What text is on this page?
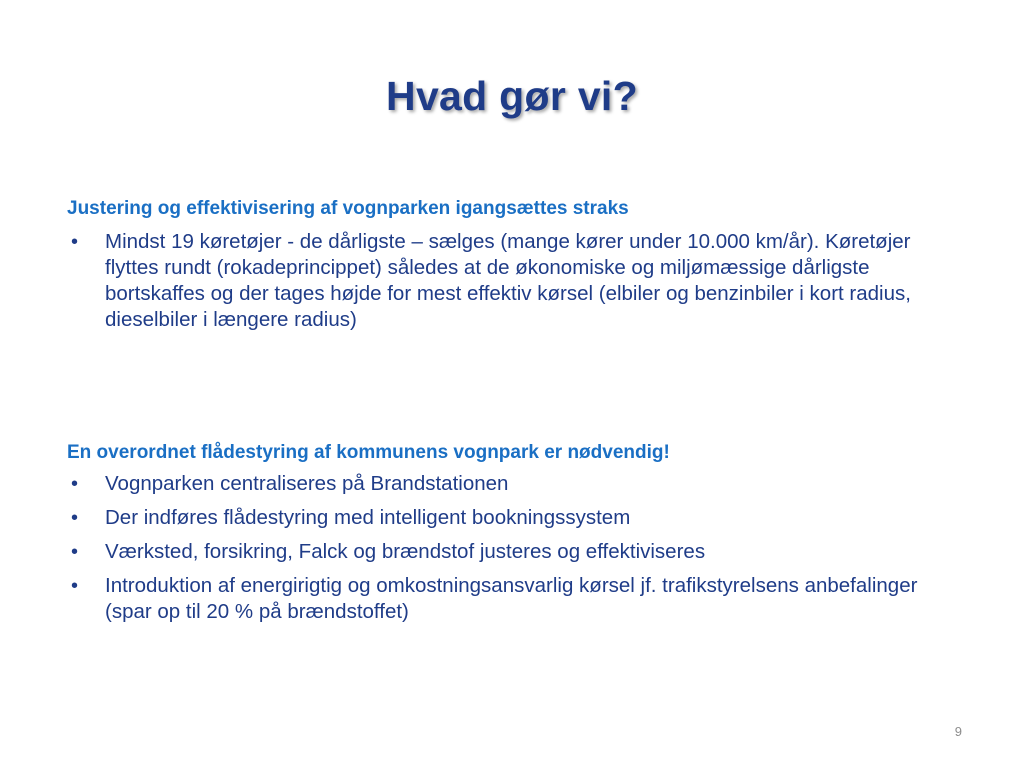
Hvad gør vi?
Justering og effektivisering af vognparken igangsættes straks
• Mindst 19 køretøjer - de dårligste – sælges (mange kører under 10.000 km/år). Køretøjer flyttes rundt (rokadeprincippet) således at de økonomiske og miljømæssige dårligste bortskaffes og der tages højde for mest effektiv kørsel (elbiler og benzinbiler i kort radius, dieselbiler i længere radius)
En overordnet flådestyring af kommunens vognpark er nødvendig!
• Vognparken centraliseres på Brandstationen
• Der indføres flådestyring med intelligent bookningssystem
• Værksted, forsikring, Falck og brændstof justeres og effektiviseres
• Introduktion af energirigtig og omkostningsansvarlig kørsel jf. trafikstyrelsens anbefalinger (spar op til 20 % på brændstoffet)
9
